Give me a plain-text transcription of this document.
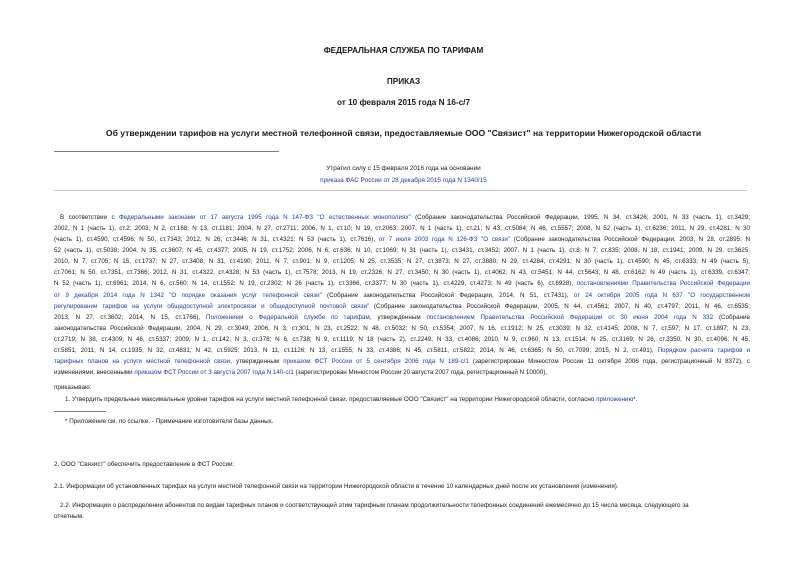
ФЕДЕРАЛЬНАЯ СЛУЖБА ПО ТАРИФАМ
ПРИКАЗ
от 10 февраля 2015 года N 16-с/7
Об утверждении тарифов на услуги местной телефонной связи, предоставляемые ООО "Связист" на территории Нижегородской области
Утратил силу с 15 февраля 2016 года на основании
приказа ФАС России от 28 декабря 2015 года N 1340/15
В соответствии с Федеральными законами от 17 августа 1995 года N 147-ФЗ "О естественных монополиях" (Собрание законодательства Российской Федерации, 1995, N 34, ст.3426; 2001, N 33 (часть 1), ст.3429;
2002, N 1 (часть 1), ст.2; 2003, N 2, ст.168; N 13, ст.1181; 2004, N 27, ст.2711; 2006, N 1, ст.10; N 19, ст.2063; 2007, N 1 (часть 1), ст.21; N 43, ст.5084; N 46, ст.5557; 2008, N 52 (часть 1), ст.6236; 2011, N 29, ст.4281; N 30
(часть 1), ст.4590, ст.4596; N 50, ст.7343; 2012, N 26, ст.3446; N 31, ст.4321; N 53 (часть 1), ст.7616), от 7 июля 2003 года N 126-ФЗ "О связи" (Собрание законодательства Российской Федерации, 2003, N 28, ст.2895; N
52 (часть 1), ст.5038; 2004, N 35, ст.3607; N 45, ст.4377; 2005, N 19, ст.1752; 2006, N 6, ст.636; N 10, ст.1069; N 31 (часть 1), ст.3431, ст.3452; 2007, N 1 (часть 1), ст.8; N 7, ст.835; 2008, N 18, ст.1941; 2009, N 29, ст.3625;
2010, N 7, ст.705; N 15, ст.1737; N 27, ст.3408; N 31, ст.4190; 2011, N 7, ст.901; N 9, ст.1205; N 25, ст.3535; N 27, ст.3873; N 27, ст.3880; N 29, ст.4284, ст.4291; N 30 (часть 1), ст.4590; N 45, ст.6333; N 49 (часть 5),
ст.7061; N 50, ст.7351, ст.7366; 2012, N 31, ст.4322, ст.4328; N 53 (часть 1), ст.7578; 2013, N 19, ст.2326; N 27, ст.3450; N 30 (часть 1), ст.4062; N 43, ст.5451; N 44, ст.5643; N 48, ст.6162; N 49 (часть 1), ст.6339, ст.6347;
N 52 (часть 1), ст.6961; 2014, N 6, ст.560; N 14, ст.1552; N 19, ст.2302; N 26 (часть 1), ст.3366, ст.3377; N 30 (часть 1), ст.4229, ст.4273; N 49 (часть 6), ст.6928), постановлениями Правительства Российской Федерации
от 9 декабря 2014 года N 1342 "О порядке оказания услуг телефонной связи" (Собрание законодательства Российской Федерации, 2014, N 51, ст.7431), от 24 октября 2005 года N 637 "О государственном
регулировании тарифов на услуги общедоступной электросвязи и общедоступной почтовой связи" (Собрание законодательства Российской Федерации, 2005, N 44, ст.4561; 2007, N 40, ст.4797; 2011, N 46, ст.6535;
2013, N 27, ст.3602; 2014, N 15, ст.1766), Положением о Федеральной службе по тарифам, утвержденным постановлением Правительства Российской Федерации от 30 июня 2004 года N 332 (Собрание
законодательства Российской Федерации, 2004, N 29, ст.3049; 2006, N 3, ст.301; N 23, ст.2522; N 48, ст.5032; N 50, ст.5354; 2007, N 16, ст.1912; N 25, ст.3039; N 32, ст.4145; 2008, N 7, ст.597; N 17, ст.1897; N 23,
ст.2719; N 38, ст.4309; N 46, ст.5337; 2009, N 1, ст.142; N 3, ст.378; N 6, ст.738; N 9, ст.1119; N 18 (часть 2), ст.2249; N 33, ст.4086; 2010, N 9, ст.960; N 13, ст.1514; N 25, ст.3169; N 26, ст.3350; N 30, ст.4096; N 45,
ст.5851; 2011, N 14, ст.1935; N 32, ст.4831; N 42, ст.5925; 2013, N 11, ст.1126; N 13, ст.1555; N 33, ст.4386; N 45, ст.5811, ст.5822; 2014, N 46, ст.6365; N 50, ст.7099; 2015, N 2, ст.491), Порядком расчета тарифов и
тарифных планов на услуги местной телефонной связи, утвержденным приказом ФСТ России от 5 сентября 2006 года N 189-с/1 (зарегистрирован Минюстом России 11 октября 2006 года, регистрационный N 8372), с
изменениями, внесенными приказом ФСТ России от 3 августа 2007 года N 140-с/1 (зарегистрирован Минюстом России 20 августа 2007 года, регистрационный N 10000),
приказываю:
1. Утвердить предельные максимальные уровни тарифов на услуги местной телефонной связи, предоставляемые ООО "Связист" на территории Нижегородской области, согласно приложению*.
* Приложение см. по ссылке. - Примечание изготовителя базы данных.
2. ООО "Связист" обеспечить предоставление в ФСТ России:
2.1. Информации об установленных тарифах на услуги местной телефонной связи на территории Нижегородской области в течение 10 календарных дней после их установления (изменения).
2.2. Информации о распределении абонентов по видам тарифных планов и соответствующей этим тарифным планам продолжительности телефонных соединений ежемесячно до 15 числа месяца, следующего за
отчетным.
